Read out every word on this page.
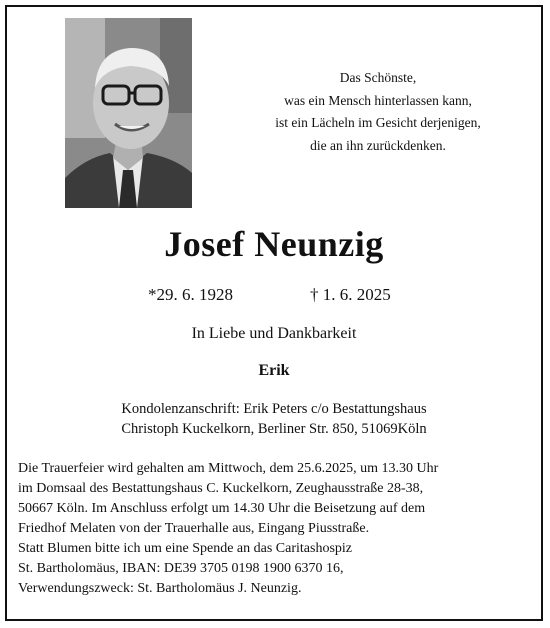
Das Schönste,
was ein Mensch hinterlassen kann,
ist ein Lächeln im Gesicht derjenigen,
die an ihn zurückdenken.
Josef Neunzig
*29. 6. 1928	† 1. 6. 2025
In Liebe und Dankbarkeit
Erik
Kondolenzanschrift: Erik Peters c/o Bestattungshaus
Christoph Kuckelkorn, Berliner Str. 850, 51069Köln
Die Trauerfeier wird gehalten am Mittwoch, dem 25.6.2025, um 13.30 Uhr
im Domsaal des Bestattungshaus C. Kuckelkorn, Zeughausstraße 28-38,
50667 Köln. Im Anschluss erfolgt um 14.30 Uhr die Beisetzung auf dem
Friedhof Melaten von der Trauerhalle aus, Eingang Piusstraße.
Statt Blumen bitte ich um eine Spende an das Caritashospiz
St. Bartholomäus, IBAN: DE39 3705 0198 1900 6370 16,
Verwendungszweck: St. Bartholomäus J. Neunzig.
